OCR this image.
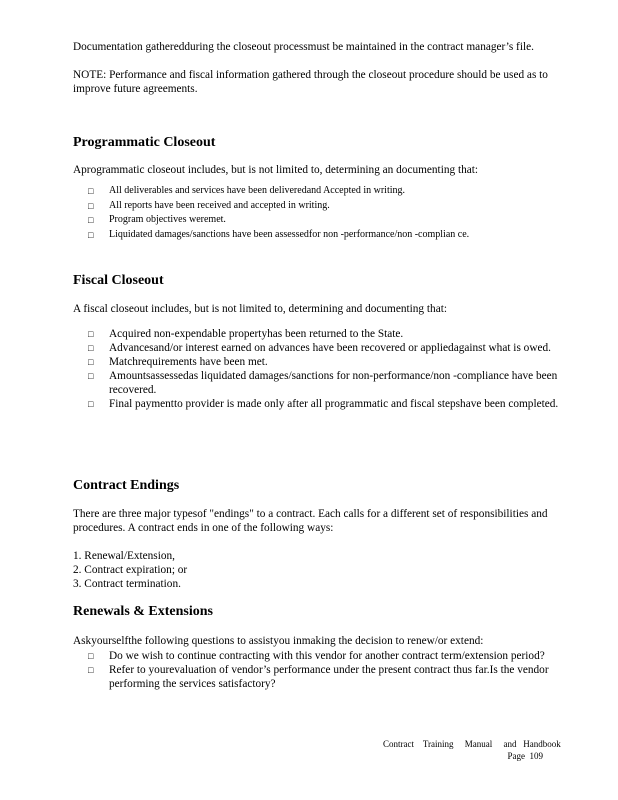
Documentation gatheredduring the closeout processmust be maintained in the contract manager’s file.

NOTE: Performance and fiscal information gathered through the closeout procedure should be used as to improve future agreements.

Programmatic Closeout

Aprogrammatic closeout includes, but is not limited to, determining an documenting that:

□ All deliverables and services have been deliveredand Accepted in writing.
□ All reports have been received and accepted in writing.
□ Program objectives weremet.
□ Liquidated damages/sanctions have been assessedfor non -performance/non -complian ce.
Fiscal Closeout

A fiscal closeout includes, but is not limited to, determining and documenting that:

□ Acquired non-expendable propertyhas been returned to the State.
□ Advancesand/or interest earned on advances have been recovered or appliedagainst what is owed.
□ Matchrequirements have been met.
□ Amountsassessedas liquidated damages/sanctions for non-performance/non -compliance have been recovered.
□ Final paymentto provider is made only after all programmatic and fiscal stepshave been completed.
Contract Endings

There are three major typesof "endings" to a contract. Each calls for a different set of responsibilities and procedures. A contract ends in one of the following ways:

1. Renewal/Extension,
2. Contract expiration; or
3. Contract termination.
Renewals & Extensions

Askyourselfthe following questions to assistyou inmaking the decision to renew/or extend:

□ Do we wish to continue contracting with this vendor for another contract term/extension period?
□ Refer to yourevaluation of vendor’s performance under the present contract thus far.Is the vendor performing the services satisfactory?
Contract    Training     Manual     and   Handbook
Page  109
